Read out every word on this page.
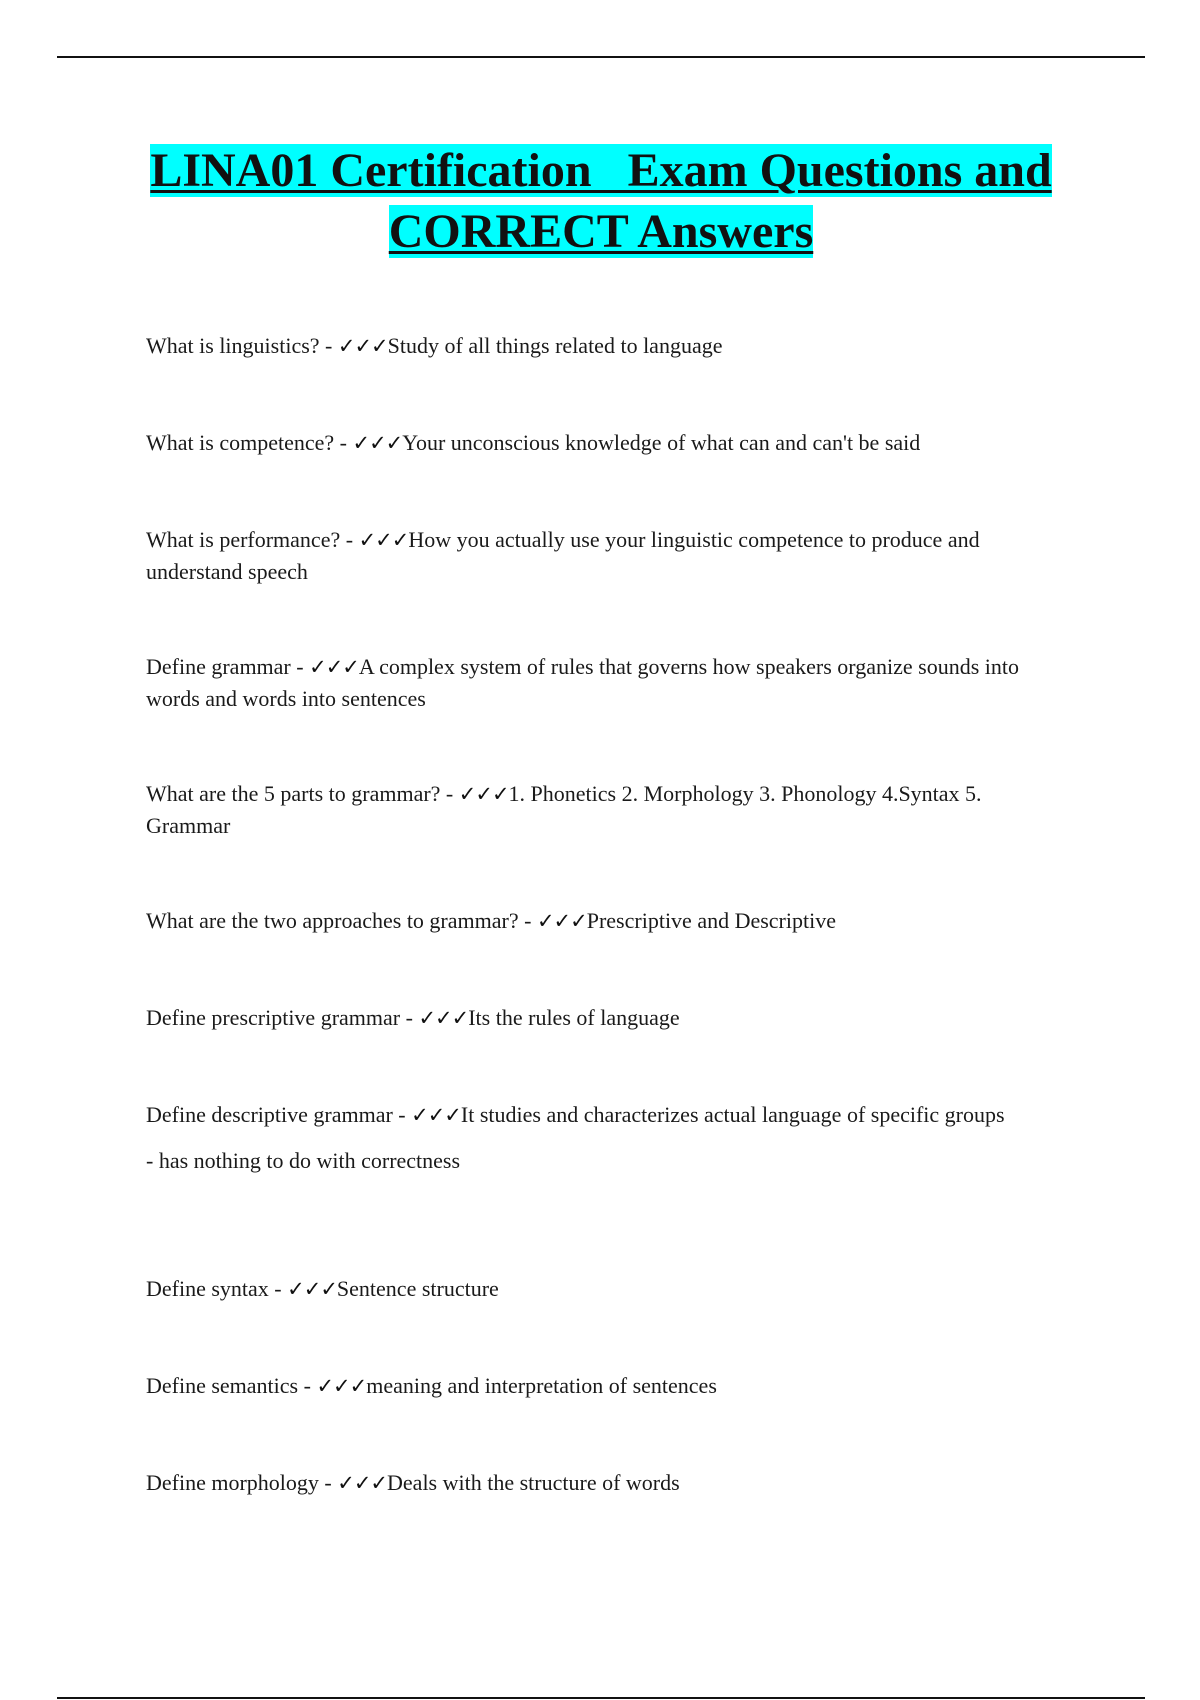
LINA01 Certification   Exam Questions and
CORRECT Answers

What is linguistics? - ✓✓✓Study of all things related to language

What is competence? - ✓✓✓Your unconscious knowledge of what can and can't be said

What is performance? - ✓✓✓How you actually use your linguistic competence to produce and understand speech

Define grammar - ✓✓✓A complex system of rules that governs how speakers organize sounds into words and words into sentences

What are the 5 parts to grammar? - ✓✓✓1. Phonetics 2. Morphology 3. Phonology 4.Syntax 5. Grammar

What are the two approaches to grammar? - ✓✓✓Prescriptive and Descriptive

Define prescriptive grammar - ✓✓✓Its the rules of language

Define descriptive grammar - ✓✓✓It studies and characterizes actual language of specific groups
- has nothing to do with correctness

Define syntax - ✓✓✓Sentence structure

Define semantics - ✓✓✓meaning and interpretation of sentences

Define morphology - ✓✓✓Deals with the structure of words
